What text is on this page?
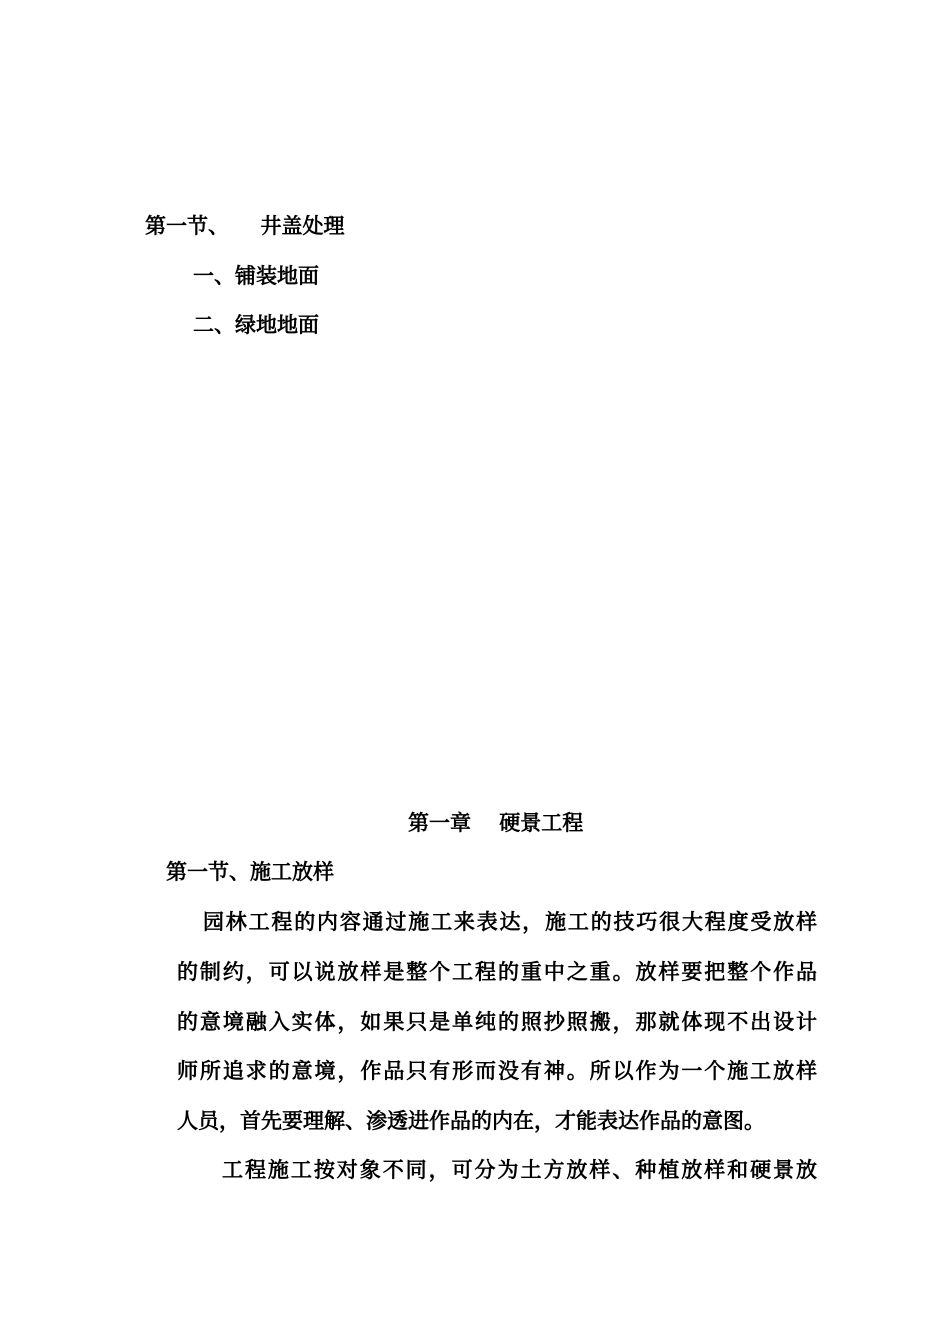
第一节、　　井盖处理
一、铺装地面
二、绿地地面
第一章　 硬景工程
第一节、施工放样
园林工程的内容通过施工来表达，施工的技巧很大程度受放样
的制约，可以说放样是整个工程的重中之重。放样要把整个作品
的意境融入实体，如果只是单纯的照抄照搬，那就体现不出设计
师所追求的意境，作品只有形而没有神。所以作为一个施工放样
人员，首先要理解、渗透进作品的内在，才能表达作品的意图。
工程施工按对象不同，可分为土方放样、种植放样和硬景放
